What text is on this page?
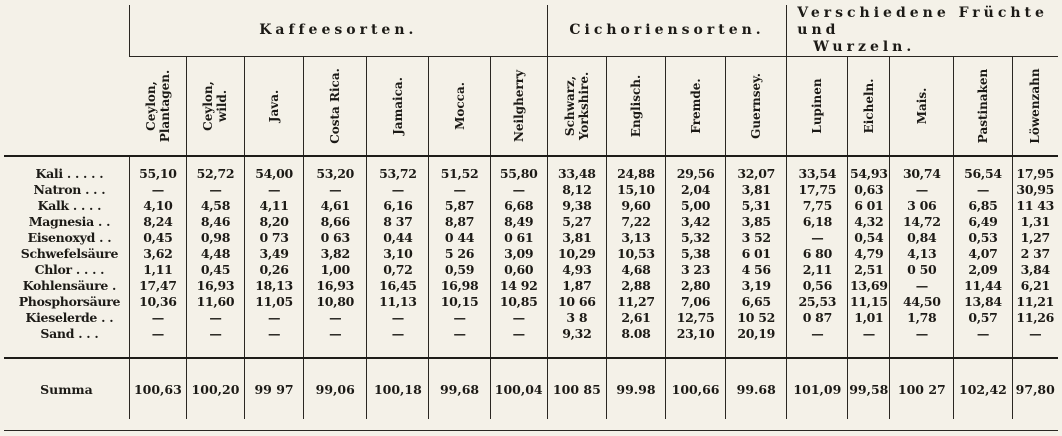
	Kaffeesorten.							Cichoriensorten.				Verschiedene Früchte und
Wurzeln.				

	Ceylon,
Plantagen.	Ceylon,
wild.	Java.	Costa Rica.	Jamaica.	Mocca.	Neilgherry	Schwarz,
Yorkshire.	Englisch.	Fremde.	Guernsey.	Lupinen	Eicheln.	Mais.	Pastinaken	Löwenzahn

Kali . . . . .	55,10	52,72	54,00	53,20	53,72	51,52	55,80	33,48	24,88	29,56	32,07	33,54	54,93	30,74	56,54	17,95
Natron . . .	—	—	—	—	—	—	—	8,12	15,10	2,04	3,81	17,75	0,63	—	—	30,95
Kalk . . . .	4,10	4,58	4,11	4,61	6,16	5,87	6,68	9,38	9,60	5,00	5,31	7,75	6 01	3 06	6,85	11 43
Magnesia . .	8,24	8,46	8,20	8,66	8 37	8,87	8,49	5,27	7,22	3,42	3,85	6,18	4,32	14,72	6,49	1,31
Eisenoxyd . .	0,45	0,98	0 73	0 63	0,44	0 44	0 61	3,81	3,13	5,32	3 52	—	0,54	0,84	0,53	1,27
Schwefelsäure	3,62	4,48	3,49	3,82	3,10	5 26	3,09	10,29	10,53	5,38	6 01	6 80	4,79	4,13	4,07	2 37
Chlor . . . .	1,11	0,45	0,26	1,00	0,72	0,59	0,60	4,93	4,68	3 23	4 56	2,11	2,51	0 50	2,09	3,84
Kohlensäure .	17,47	16,93	18,13	16,93	16,45	16,98	14 92	1,87	2,88	2,80	3,19	0,56	13,69	—	11,44	6,21
Phosphorsäure	10,36	11,60	11,05	10,80	11,13	10,15	10,85	10 66	11,27	7,06	6,65	25,53	11,15	44,50	13,84	11,21
Kieselerde . .	—	—	—	—	—	—	—	3 8	2,61	12,75	10 52	0 87	1,01	1,78	0,57	11,26
Sand . . .	—	—	—	—	—	—	—	9,32	8.08	23,10	20,19	—	—	—	—	—
Summa	100,63	100,20	99 97	99,06	100,18	99,68	100,04	100 85	99.98	100,66	99.68	101,09	99,58	100 27	102,42	97,80
